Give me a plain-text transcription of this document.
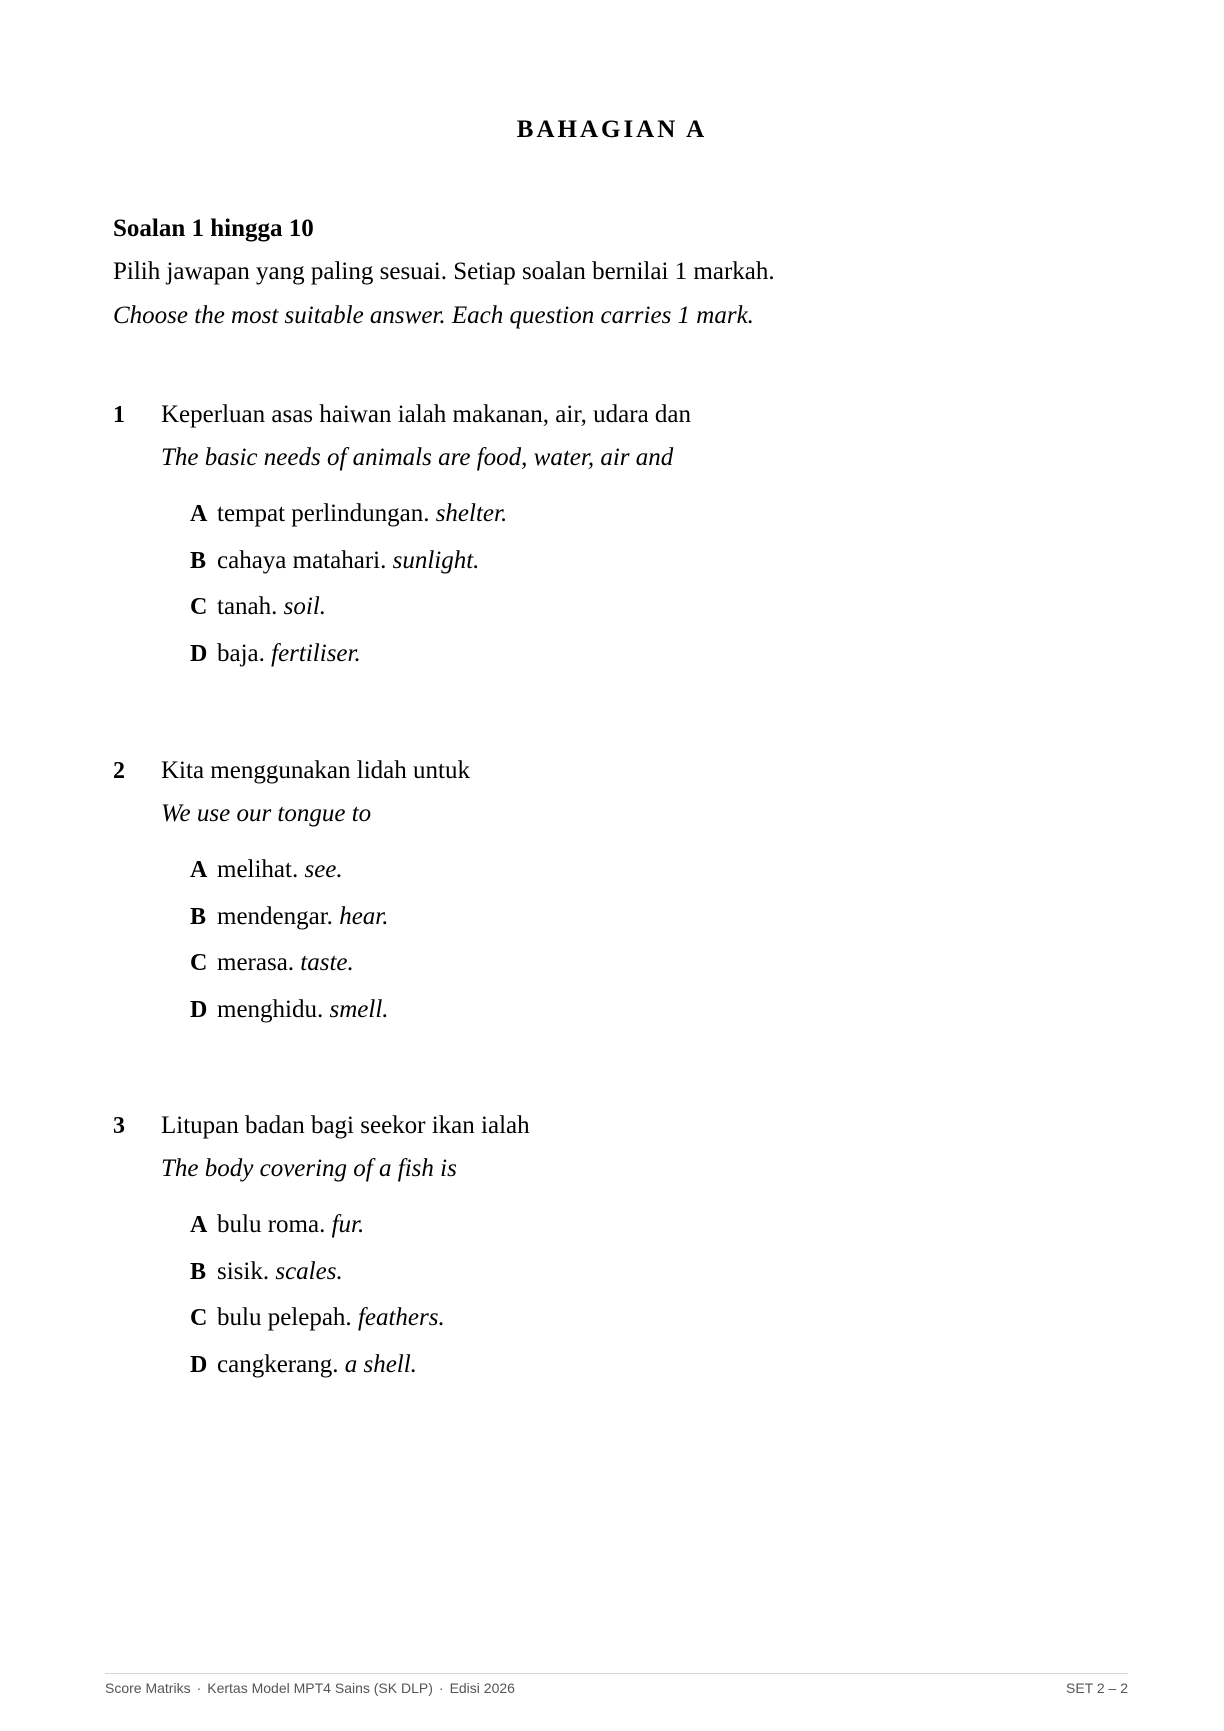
BAHAGIAN A
Soalan 1 hingga 10
Pilih jawapan yang paling sesuai. Setiap soalan bernilai 1 markah.
Choose the most suitable answer. Each question carries 1 mark.
1 Keperluan asas haiwan ialah makanan, air, udara dan
The basic needs of animals are food, water, air and
A tempat perlindungan. shelter.
B cahaya matahari. sunlight.
C tanah. soil.
D baja. fertiliser.
2 Kita menggunakan lidah untuk
We use our tongue to
A melihat. see.
B mendengar. hear.
C merasa. taste.
D menghidu. smell.
3 Litupan badan bagi seekor ikan ialah
The body covering of a fish is
A bulu roma. fur.
B sisik. scales.
C bulu pelepah. feathers.
D cangkerang. a shell.
Score Matriks · Kertas Model MPT4 Sains (SK DLP) · Edisi 2026	SET 2 – 2
